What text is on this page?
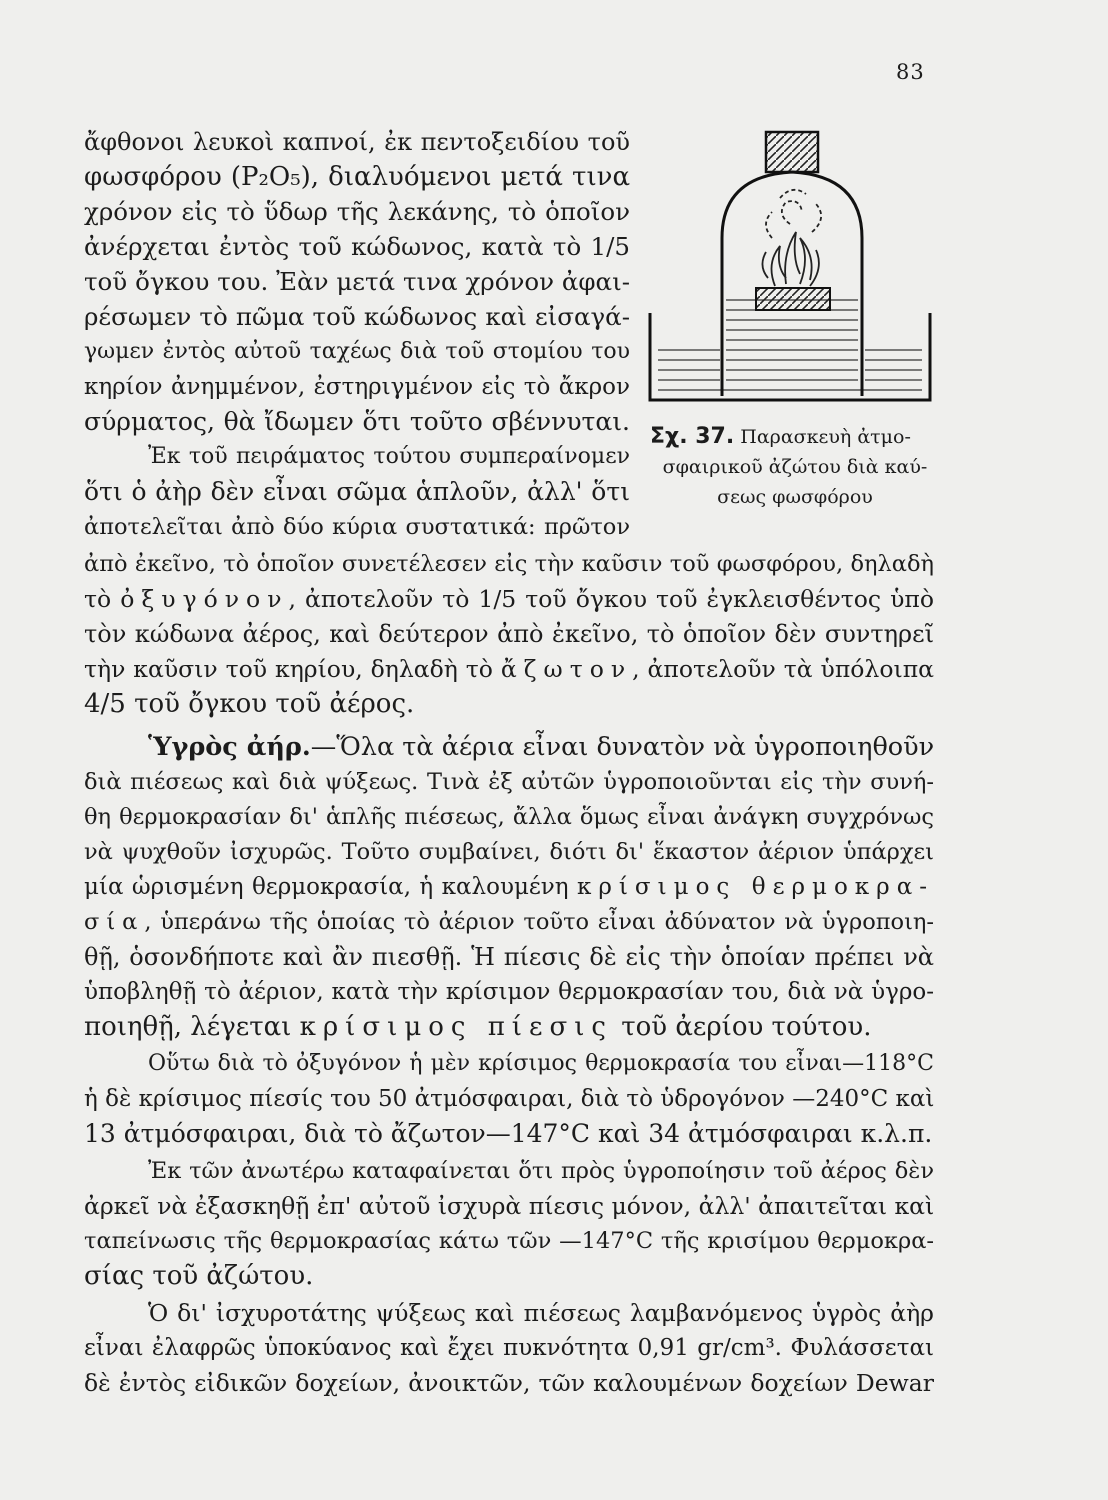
83
Σχ. 37. Παρασκευὴ ἀτμο-
σφαιρικοῦ ἀζώτου διὰ καύ-
σεως φωσφόρου
ἄφθονοι λευκοὶ καπνοί, ἐκ πεντοξειδίου τοῦ
φωσφόρου (P₂O₅), διαλυόμενοι μετά τινα
χρόνον εἰς τὸ ὕδωρ τῆς λεκάνης, τὸ ὁποῖον
ἀνέρχεται ἐντὸς τοῦ κώδωνος, κατὰ τὸ 1/5
τοῦ ὄγκου του. Ἐὰν μετά τινα χρόνον ἀφαι-
ρέσωμεν τὸ πῶμα τοῦ κώδωνος καὶ εἰσαγά-
γωμεν ἐντὸς αὐτοῦ ταχέως διὰ τοῦ στομίου του
κηρίον ἀνημμένον, ἐστηριγμένον εἰς τὸ ἄκρον
σύρματος, θὰ ἴδωμεν ὅτι τοῦτο σβέννυται.
Ἐκ τοῦ πειράματος τούτου συμπεραίνομεν
ὅτι ὁ ἀὴρ δὲν εἶναι σῶμα ἁπλοῦν, ἀλλ' ὅτι
ἀποτελεῖται ἀπὸ δύο κύρια συστατικά: πρῶτον
ἀπὸ ἐκεῖνο, τὸ ὁποῖον συνετέλεσεν εἰς τὴν καῦσιν τοῦ φωσφόρου, δηλαδὴ
τὸ ὀξυγόνον, ἀποτελοῦν τὸ 1/5 τοῦ ὄγκου τοῦ ἐγκλεισθέντος ὑπὸ
τὸν κώδωνα ἀέρος, καὶ δεύτερον ἀπὸ ἐκεῖνο, τὸ ὁποῖον δὲν συντηρεῖ
τὴν καῦσιν τοῦ κηρίου, δηλαδὴ τὸ ἄζωτον, ἀποτελοῦν τὰ ὑπόλοιπα
4/5 τοῦ ὄγκου τοῦ ἀέρος.
Ὑγρὸς ἀήρ.—Ὅλα τὰ ἀέρια εἶναι δυνατὸν νὰ ὑγροποιηθοῦν
διὰ πιέσεως καὶ διὰ ψύξεως. Τινὰ ἐξ αὐτῶν ὑγροποιοῦνται εἰς τὴν συνή-
θη θερμοκρασίαν δι' ἁπλῆς πιέσεως, ἄλλα ὅμως εἶναι ἀνάγκη συγχρόνως
νὰ ψυχθοῦν ἰσχυρῶς. Τοῦτο συμβαίνει, διότι δι' ἕκαστον ἀέριον ὑπάρχει
μία ὡρισμένη θερμοκρασία, ἡ καλουμένη κρίσιμος θερμοκρα-
σία, ὑπεράνω τῆς ὁποίας τὸ ἀέριον τοῦτο εἶναι ἀδύνατον νὰ ὑγροποιη-
θῇ, ὁσονδήποτε καὶ ἂν πιεσθῇ. Ἡ πίεσις δὲ εἰς τὴν ὁποίαν πρέπει νὰ
ὑποβληθῇ τὸ ἀέριον, κατὰ τὴν κρίσιμον θερμοκρασίαν του, διὰ νὰ ὑγρο-
ποιηθῇ, λέγεται κρίσιμος πίεσις τοῦ ἀερίου τούτου.
Οὕτω διὰ τὸ ὀξυγόνον ἡ μὲν κρίσιμος θερμοκρασία του εἶναι—118°C
ἡ δὲ κρίσιμος πίεσίς του 50 ἀτμόσφαιραι, διὰ τὸ ὑδρογόνον —240°C καὶ
13 ἀτμόσφαιραι, διὰ τὸ ἄζωτον—147°C καὶ 34 ἀτμόσφαιραι κ.λ.π.
Ἐκ τῶν ἀνωτέρω καταφαίνεται ὅτι πρὸς ὑγροποίησιν τοῦ ἀέρος δὲν
ἀρκεῖ νὰ ἐξασκηθῇ ἐπ' αὐτοῦ ἰσχυρὰ πίεσις μόνον, ἀλλ' ἀπαιτεῖται καὶ
ταπείνωσις τῆς θερμοκρασίας κάτω τῶν —147°C τῆς κρισίμου θερμοκρα-
σίας τοῦ ἀζώτου.
Ὁ δι' ἰσχυροτάτης ψύξεως καὶ πιέσεως λαμβανόμενος ὑγρὸς ἀὴρ
εἶναι ἐλαφρῶς ὑποκύανος καὶ ἔχει πυκνότητα 0,91 gr/cm³. Φυλάσσεται
δὲ ἐντὸς εἰδικῶν δοχείων, ἀνοικτῶν, τῶν καλουμένων δοχείων Dewar
